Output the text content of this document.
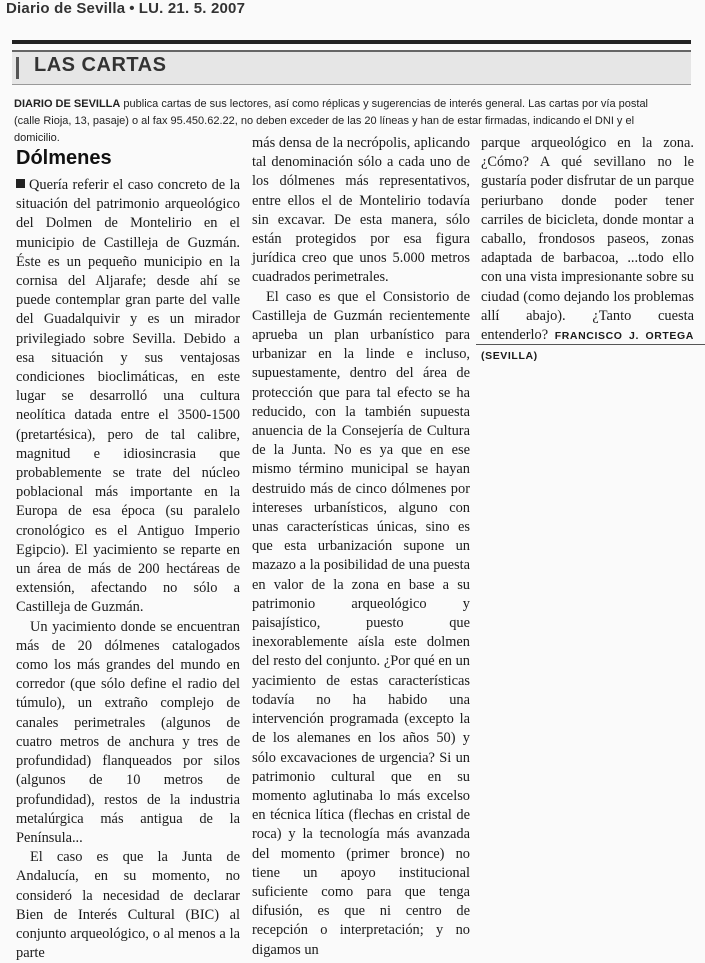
Diario de Sevilla • LU. 21. 5. 2007
LAS CARTAS
DIARIO DE SEVILLA publica cartas de sus lectores, así como réplicas y sugerencias de interés general. Las cartas por vía postal (calle Rioja, 13, pasaje) o al fax 95.450.62.22, no deben exceder de las 20 líneas y han de estar firmadas, indicando el DNI y el domicilio.
Dólmenes

Quería referir el caso concreto de la situación del patrimonio arqueológico del Dolmen de Montelirio en el municipio de Castilleja de Guzmán. Éste es un pequeño municipio en la cornisa del Aljarafe; desde ahí se puede contemplar gran parte del valle del Guadalquivir y es un mirador privilegiado sobre Sevilla. Debido a esa situación y sus ventajosas condiciones bioclimáticas, en este lugar se desarrolló una cultura neolítica datada entre el 3500-1500 (pretartésica), pero de tal calibre, magnitud e idiosincrasia que probablemente se trate del núcleo poblacional más importante en la Europa de esa época (su paralelo cronológico es el Antiguo Imperio Egipcio). El yacimiento se reparte en un área de más de 200 hectáreas de extensión, afectando no sólo a Castilleja de Guzmán.

Un yacimiento donde se encuentran más de 20 dólmenes catalogados como los más grandes del mundo en corredor (que sólo define el radio del túmulo), un extraño complejo de canales perimetrales (algunos de cuatro metros de anchura y tres de profundidad) flanqueados por silos (algunos de 10 metros de profundidad), restos de la industria metalúrgica más antigua de la Península...

El caso es que la Junta de Andalucía, en su momento, no consideró la necesidad de declarar Bien de Interés Cultural (BIC) al conjunto arqueológico, o al menos a la parte

más densa de la necrópolis, aplicando tal denominación sólo a cada uno de los dólmenes más representativos, entre ellos el de Montelirio todavía sin excavar. De esta manera, sólo están protegidos por esa figura jurídica creo que unos 5.000 metros cuadrados perimetrales.

El caso es que el Consistorio de Castilleja de Guzmán recientemente aprueba un plan urbanístico para urbanizar en la linde e incluso, supuestamente, dentro del área de protección que para tal efecto se ha reducido, con la también supuesta anuencia de la Consejería de Cultura de la Junta. No es ya que en ese mismo término municipal se hayan destruido más de cinco dólmenes por intereses urbanísticos, alguno con unas características únicas, sino es que esta urbanización supone un mazazo a la posibilidad de una puesta en valor de la zona en base a su patrimonio arqueológico y paisajístico, puesto que inexorablemente aísla este dolmen del resto del conjunto. ¿Por qué en un yacimiento de estas características todavía no ha habido una intervención programada (excepto la de los alemanes en los años 50) y sólo excavaciones de urgencia? Si un patrimonio cultural que en su momento aglutinaba lo más excelso en técnica lítica (flechas en cristal de roca) y la tecnología más avanzada del momento (primer bronce) no tiene un apoyo institucional suficiente como para que tenga difusión, es que ni centro de recepción o interpretación; y no digamos un

parque arqueológico en la zona. ¿Cómo? A qué sevillano no le gustaría poder disfrutar de un parque periurbano donde poder tener carriles de bicicleta, donde montar a caballo, frondosos paseos, zonas adaptada de barbacoa, ...todo ello con una vista impresionante sobre su ciudad (como dejando los problemas allí abajo). ¿Tanto cuesta entenderlo? FRANCISCO J. ORTEGA (SEVILLA)
